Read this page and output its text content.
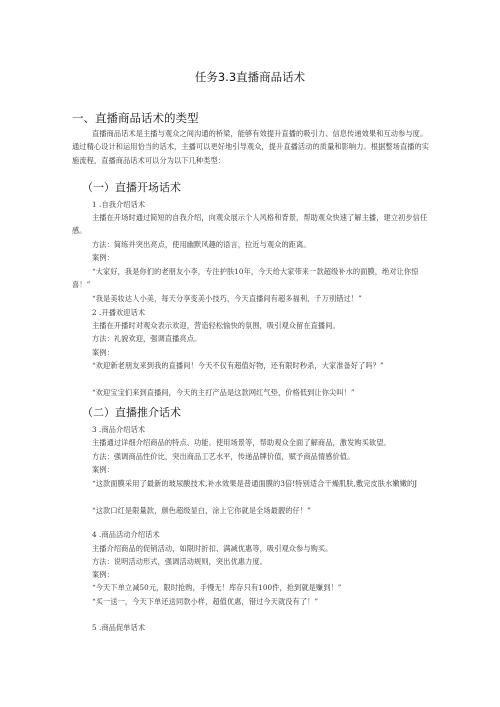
任务3.3直播商品话术
一、直播商品话术的类型
直播商品话术是主播与观众之间沟通的桥梁，能够有效提升直播的吸引力、信息传递效果和互动参与度。通过精心设计和运用恰当的话术，主播可以更好地引导观众，提升直播活动的质量和影响力。根据整场直播的实施流程，直播商品话术可以分为以下几种类型：
（一）直播开场话术
1 .自我介绍话术
主播在开场时通过简短的自我介绍，向观众展示个人风格和背景，帮助观众快速了解主播，建立初步信任感。
方法：简练并突出亮点，使用幽默风趣的语言，拉近与观众的距离。
案例：
“大家好，我是你们的老朋友小李，专注护肤10年，今天给大家带来一款超级补水的面膜，绝对让你惊喜！”
“我是美妆达人小美，每天分享变美小技巧，今天直播间有超多福利，千万别错过！”
2 .开播欢迎话术
主播在开播时对观众表示欢迎，营造轻松愉快的氛围，吸引观众留在直播间。
方法：礼貌欢迎，强调直播亮点。
案例：
“欢迎新老朋友来到我的直播间！今天不仅有超值好物，还有限时秒杀，大家准备好了吗？”
“欢迎宝宝们来到直播间，今天的主打产品是这款网红气垫，价格低到让你尖叫！”
（二）直播推介话术
3 .商品介绍话术
主播通过详细介绍商品的特点、功能、使用场景等，帮助观众全面了解商品，激发购买欲望。
方法：强调商品性价比，突出商品工艺水平，传递品牌价值，赋予商品情感价值。
案例：
“这款面膜采用了最新的玻尿酸技术,补水效果是普通面膜的3倍!特别适合干燥肌肤,敷完皮肤水嫩嫩的J
“这款口红是限量款，颜色超级显白，涂上它你就是全场最靓的仔！”
4 .商品活动介绍话术
主播介绍商品的促销活动，如限时折扣、满减优惠等，吸引观众参与购买。
方法：说明活动形式，强调活动规则，突出优惠力度。
案例：
“今天下单立减50元，限时抢购，手慢无！库存只有100件，抢到就是赚到！”
“买一送一，今天下单还送同款小样，超值优惠，错过今天就没有了！”
5 .商品促单话术
